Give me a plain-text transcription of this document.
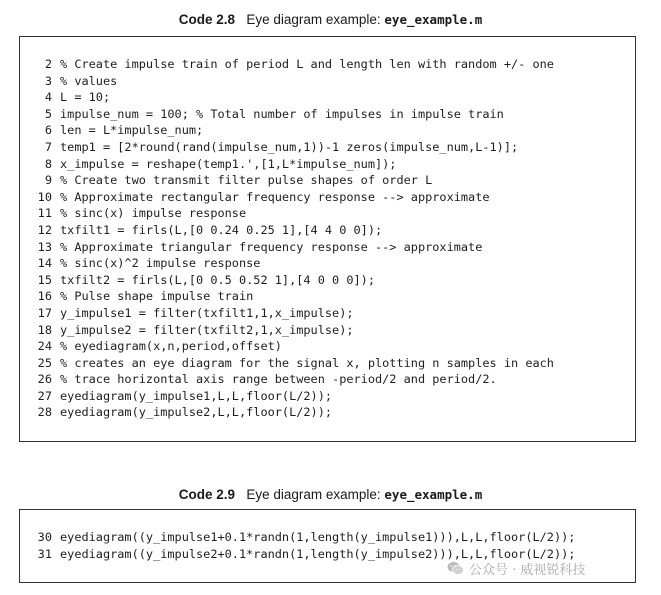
Code 2.8 Eye diagram example: eye_example.m
2 % Create impulse train of period L and length len with random +/- one
3 % values
4 L = 10;
5 impulse_num = 100; % Total number of impulses in impulse train
6 len = L*impulse_num;
7 temp1 = [2*round(rand(impulse_num,1))-1 zeros(impulse_num,L-1)];
8 x_impulse = reshape(temp1.',[1,L*impulse_num]);
9 % Create two transmit filter pulse shapes of order L
10 % Approximate rectangular frequency response --> approximate
11 % sinc(x) impulse response
12 txfilt1 = firls(L,[0 0.24 0.25 1],[4 4 0 0]);
13 % Approximate triangular frequency response --> approximate
14 % sinc(x)^2 impulse response
15 txfilt2 = firls(L,[0 0.5 0.52 1],[4 0 0 0]);
16 % Pulse shape impulse train
17 y_impulse1 = filter(txfilt1,1,x_impulse);
18 y_impulse2 = filter(txfilt2,1,x_impulse);
24 % eyediagram(x,n,period,offset)
25 % creates an eye diagram for the signal x, plotting n samples in each
26 % trace horizontal axis range between -period/2 and period/2.
27 eyediagram(y_impulse1,L,L,floor(L/2));
28 eyediagram(y_impulse2,L,L,floor(L/2));
Code 2.9 Eye diagram example: eye_example.m
30 eyediagram((y_impulse1+0.1*randn(1,length(y_impulse1))),L,L,floor(L/2));
31 eyediagram((y_impulse2+0.1*randn(1,length(y_impulse2))),L,L,floor(L/2));
公众号 · 威视锐科技
